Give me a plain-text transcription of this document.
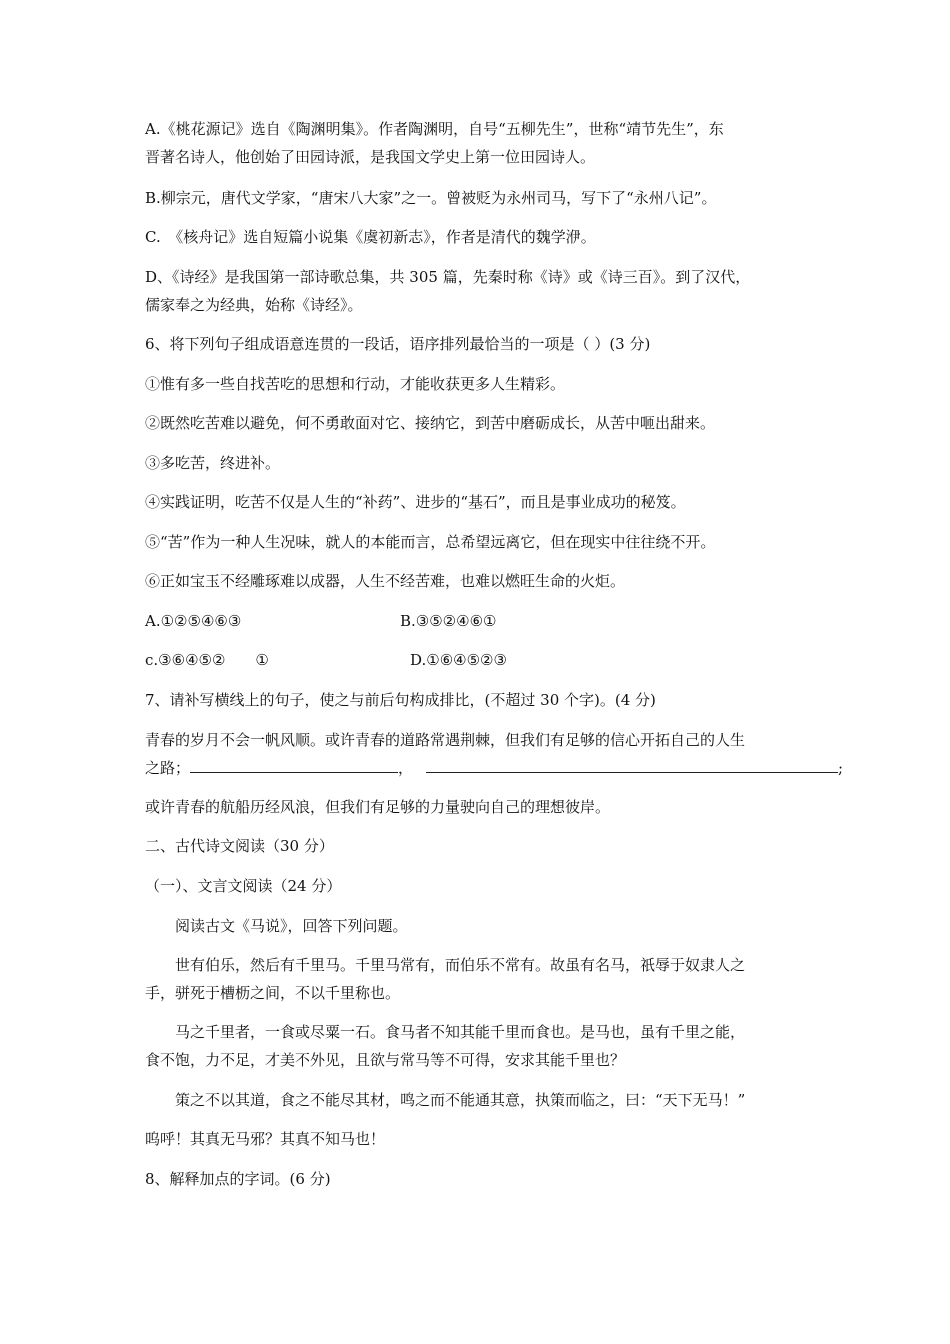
A.《桃花源记》选自《陶渊明集》。作者陶渊明，自号“五柳先生”，世称“靖节先生”，东
晋著名诗人，他创始了田园诗派，是我国文学史上第一位田园诗人。
B.柳宗元，唐代文学家，“唐宋八大家”之一。曾被贬为永州司马，写下了“永州八记”。
C.　《核舟记》选自短篇小说集《虞初新志》，作者是清代的魏学洢。
D、《诗经》是我国第一部诗歌总集，共 305 篇，先秦时称《诗》或《诗三百》。到了汉代，
儒家奉之为经典，始称《诗经》。
6、将下列句子组成语意连贯的一段话，语序排列最恰当的一项是（ ）(3 分)
①惟有多一些自找苦吃的思想和行动，才能收获更多人生精彩。
②既然吃苦难以避免，何不勇敢面对它、接纳它，到苦中磨砺成长，从苦中咂出甜来。
③多吃苦，终进补。
④实践证明，吃苦不仅是人生的“补药”、进步的“基石”，而且是事业成功的秘笈。
⑤“苦”作为一种人生况味，就人的本能而言，总希望远离它，但在现实中往往绕不开。
⑥正如宝玉不经雕琢难以成器，人生不经苦难，也难以燃旺生命的火炬。
A.①②⑤④⑥③	B.③⑤②④⑥①
c.③⑥④⑤②　　①	D.①⑥④⑤②③
7、请补写横线上的句子，使之与前后句构成排比，(不超过 30 个字)。(4 分)
青春的岁月不会一帆风顺。或许青春的道路常遇荆棘，但我们有足够的信心开拓自己的人生
之路；	，	;
或许青春的航船历经风浪，但我们有足够的力量驶向自己的理想彼岸。
二、古代诗文阅读（30 分）
（一）、文言文阅读（24 分）
阅读古文《马说》，回答下列问题。
世有伯乐，然后有千里马。千里马常有，而伯乐不常有。故虽有名马，祇辱于奴隶人之
手，骈死于槽枥之间，不以千里称也。
马之千里者，一食或尽粟一石。食马者不知其能千里而食也。是马也，虽有千里之能，
食不饱，力不足，才美不外见，且欲与常马等不可得，安求其能千里也？
策之不以其道，食之不能尽其材，鸣之而不能通其意，执策而临之，曰：“天下无马！”
呜呼！其真无马邪？其真不知马也！
8、解释加点的字词。(6 分)
